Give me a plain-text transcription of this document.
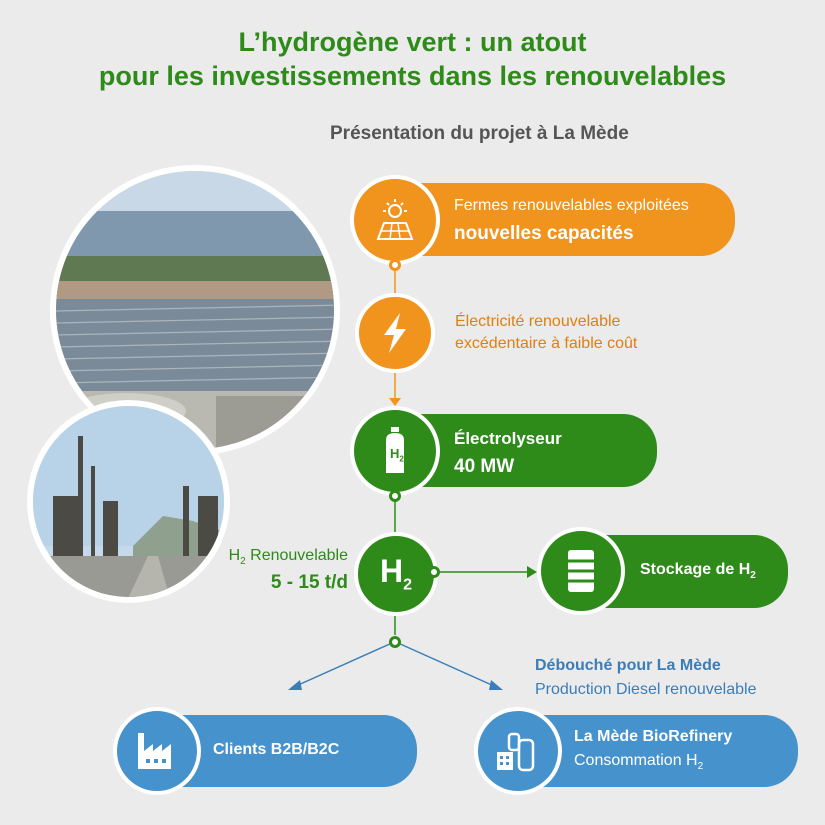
L’hydrogène vert : un atout
pour les investissements dans les renouvelables
Présentation du projet à La Mède
Fermes renouvelables exploitées
nouvelles capacités
Électricité renouvelable
excédentaire à faible coût
Électrolyseur
40 MW
$H_2$
$H_2$
$H_2$ Renouvelable
5 - 15 t/d
Stockage de $H_2$
Clients B2B/B2C
Débouché pour La Mède
Production Diesel renouvelable
La Mède BioRefinery
Consommation $H_2$
